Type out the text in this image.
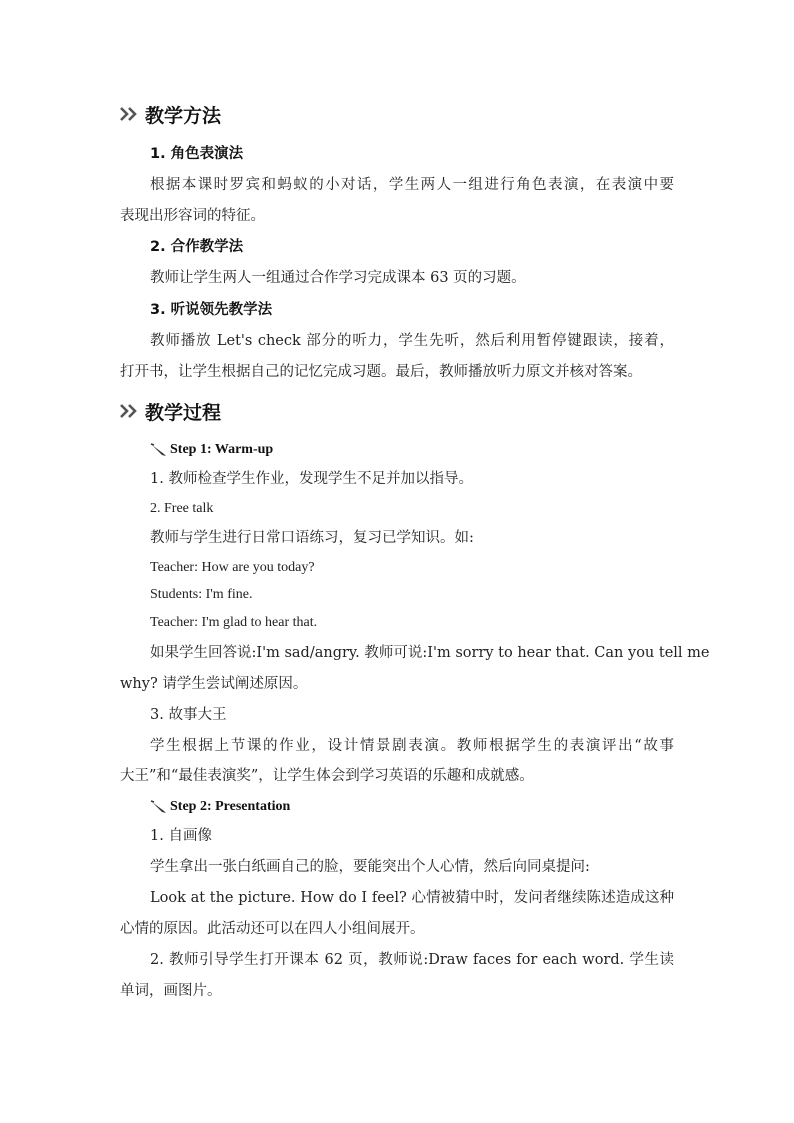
教学方法
1. 角色表演法
根据本课时罗宾和蚂蚁的小对话，学生两人一组进行角色表演，在表演中要
表现出形容词的特征。
2. 合作教学法
教师让学生两人一组通过合作学习完成课本 63 页的习题。
3. 听说领先教学法
教师播放 Let's check 部分的听力，学生先听，然后利用暂停键跟读，接着，
打开书，让学生根据自己的记忆完成习题。最后，教师播放听力原文并核对答案。
教学过程
Step 1: Warm-up
1. 教师检查学生作业，发现学生不足并加以指导。
2. Free talk
教师与学生进行日常口语练习，复习已学知识。如:
Teacher: How are you today?
Students: I'm fine.
Teacher: I'm glad to hear that.
如果学生回答说:I'm sad/angry. 教师可说:I'm sorry to hear that. Can you tell me
why? 请学生尝试阐述原因。
3. 故事大王
学生根据上节课的作业，设计情景剧表演。教师根据学生的表演评出“故事
大王”和“最佳表演奖”，让学生体会到学习英语的乐趣和成就感。
Step 2: Presentation
1. 自画像
学生拿出一张白纸画自己的脸，要能突出个人心情，然后向同桌提问:
Look at the picture. How do I feel? 心情被猜中时，发问者继续陈述造成这种
心情的原因。此活动还可以在四人小组间展开。
2. 教师引导学生打开课本 62 页，教师说:Draw faces for each word. 学生读
单词，画图片。
